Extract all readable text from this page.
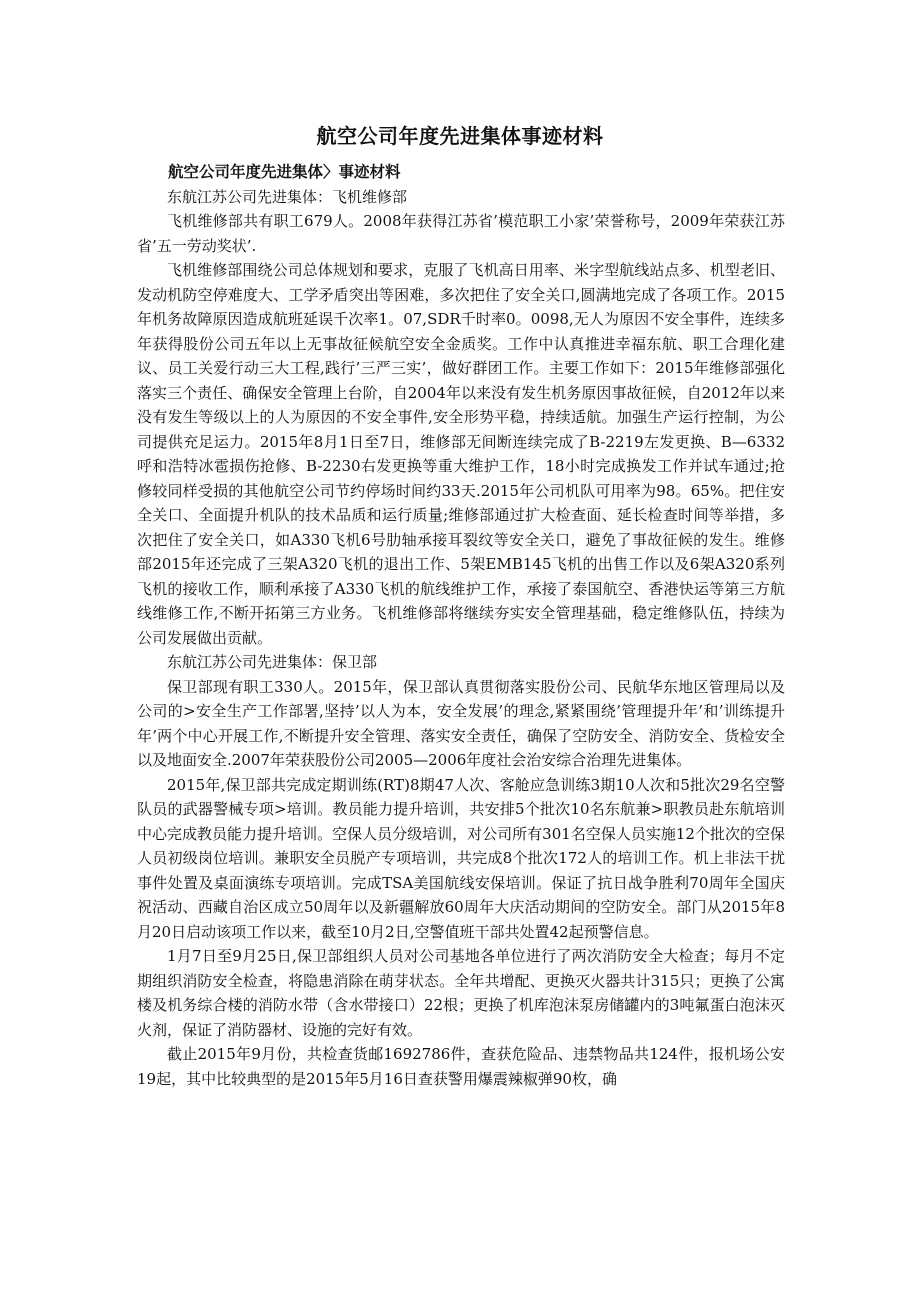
航空公司年度先进集体事迹材料

航空公司年度先进集体〉事迹材料

东航江苏公司先进集体：飞机维修部

飞机维修部共有职工679人。2008年获得江苏省’模范职工小家’荣誉称号，2009年荣获江苏省’五一劳动奖状’.

飞机维修部围绕公司总体规划和要求，克服了飞机高日用率、米字型航线站点多、机型老旧、发动机防空停难度大、工学矛盾突出等困难，多次把住了安全关口,圆满地完成了各项工作。2015年机务故障原因造成航班延误千次率1。07,SDR千时率0。0098,无人为原因不安全事件，连续多年获得股份公司五年以上无事故征候航空安全金质奖。工作中认真推进幸福东航、职工合理化建议、员工关爱行动三大工程,践行’三严三实’，做好群团工作。主要工作如下：2015年维修部强化落实三个责任、确保安全管理上台阶，自2004年以来没有发生机务原因事故征候，自2012年以来没有发生等级以上的人为原因的不安全事件,安全形势平稳，持续适航。加强生产运行控制，为公司提供充足运力。2015年8月1日至7日，维修部无间断连续完成了B-2219左发更换、B—6332呼和浩特冰雹损伤抢修、B-2230右发更换等重大维护工作，18小时完成换发工作并试车通过;抢修较同样受损的其他航空公司节约停场时间约33天.2015年公司机队可用率为98。65%。把住安全关口、全面提升机队的技术品质和运行质量;维修部通过扩大检查面、延长检查时间等举措，多次把住了安全关口，如A330飞机6号肋轴承接耳裂纹等安全关口，避免了事故征候的发生。维修部2015年还完成了三架A320飞机的退出工作、5架EMB145飞机的出售工作以及6架A320系列飞机的接收工作，顺利承接了A330飞机的航线维护工作，承接了泰国航空、香港快运等第三方航线维修工作,不断开拓第三方业务。飞机维修部将继续夯实安全管理基础，稳定维修队伍，持续为公司发展做出贡献。

东航江苏公司先进集体：保卫部

保卫部现有职工330人。2015年，保卫部认真贯彻落实股份公司、民航华东地区管理局以及公司的>安全生产工作部署,坚持’以人为本，安全发展’的理念,紧紧围绕’管理提升年’和’训练提升年’两个中心开展工作,不断提升安全管理、落实安全责任，确保了空防安全、消防安全、货检安全以及地面安全.2007年荣获股份公司2005—2006年度社会治安综合治理先进集体。

2015年,保卫部共完成定期训练(RT)8期47人次、客舱应急训练3期10人次和5批次29名空警队员的武器警械专项>培训。教员能力提升培训，共安排5个批次10名东航兼>职教员赴东航培训中心完成教员能力提升培训。空保人员分级培训，对公司所有301名空保人员实施12个批次的空保人员初级岗位培训。兼职安全员脱产专项培训，共完成8个批次172人的培训工作。机上非法干扰事件处置及桌面演练专项培训。完成TSA美国航线安保培训。保证了抗日战争胜利70周年全国庆祝活动、西藏自治区成立50周年以及新疆解放60周年大庆活动期间的空防安全。部门从2015年8月20日启动该项工作以来，截至10月2日,空警值班干部共处置42起预警信息。

1月7日至9月25日,保卫部组织人员对公司基地各单位进行了两次消防安全大检查；每月不定期组织消防安全检查，将隐患消除在萌芽状态。全年共增配、更换灭火器共计315只；更换了公寓楼及机务综合楼的消防水带（含水带接口）22根；更换了机库泡沫泵房储罐内的3吨氟蛋白泡沫灭火剂，保证了消防器材、设施的完好有效。

截止2015年9月份，共检查货邮1692786件，查获危险品、违禁物品共124件，报机场公安19起，其中比较典型的是2015年5月16日查获警用爆震辣椒弹90枚，确
